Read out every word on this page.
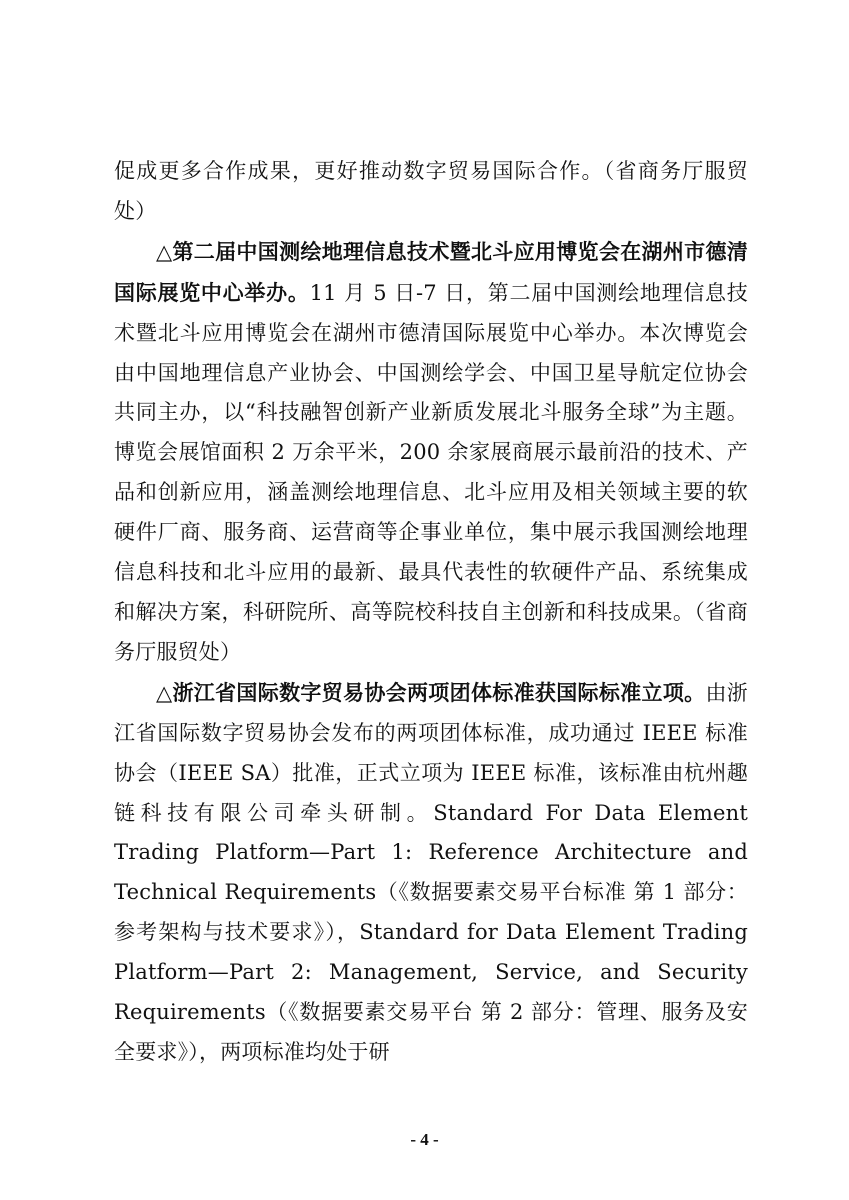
促成更多合作成果，更好推动数字贸易国际合作。（省商务厅服贸处）

△第二届中国测绘地理信息技术暨北斗应用博览会在湖州市德清国际展览中心举办。11 月 5 日-7 日，第二届中国测绘地理信息技术暨北斗应用博览会在湖州市德清国际展览中心举办。本次博览会由中国地理信息产业协会、中国测绘学会、中国卫星导航定位协会共同主办，以“科技融智创新产业新质发展北斗服务全球”为主题。博览会展馆面积 2 万余平米，200 余家展商展示最前沿的技术、产品和创新应用，涵盖测绘地理信息、北斗应用及相关领域主要的软硬件厂商、服务商、运营商等企事业单位，集中展示我国测绘地理信息科技和北斗应用的最新、最具代表性的软硬件产品、系统集成和解决方案，科研院所、高等院校科技自主创新和科技成果。（省商务厅服贸处）

△浙江省国际数字贸易协会两项团体标准获国际标准立项。由浙江省国际数字贸易协会发布的两项团体标准，成功通过 IEEE 标准协会（IEEE SA）批准，正式立项为 IEEE 标准，该标准由杭州趣链科技有限公司牵头研制。Standard For Data Element Trading Platform—Part 1: Reference Architecture and Technical Requirements（《数据要素交易平台标准 第 1 部分：参考架构与技术要求》），Standard for Data Element Trading Platform—Part 2: Management, Service, and Security Requirements（《数据要素交易平台 第 2 部分：管理、服务及安全要求》），两项标准均处于研

- 4 -
